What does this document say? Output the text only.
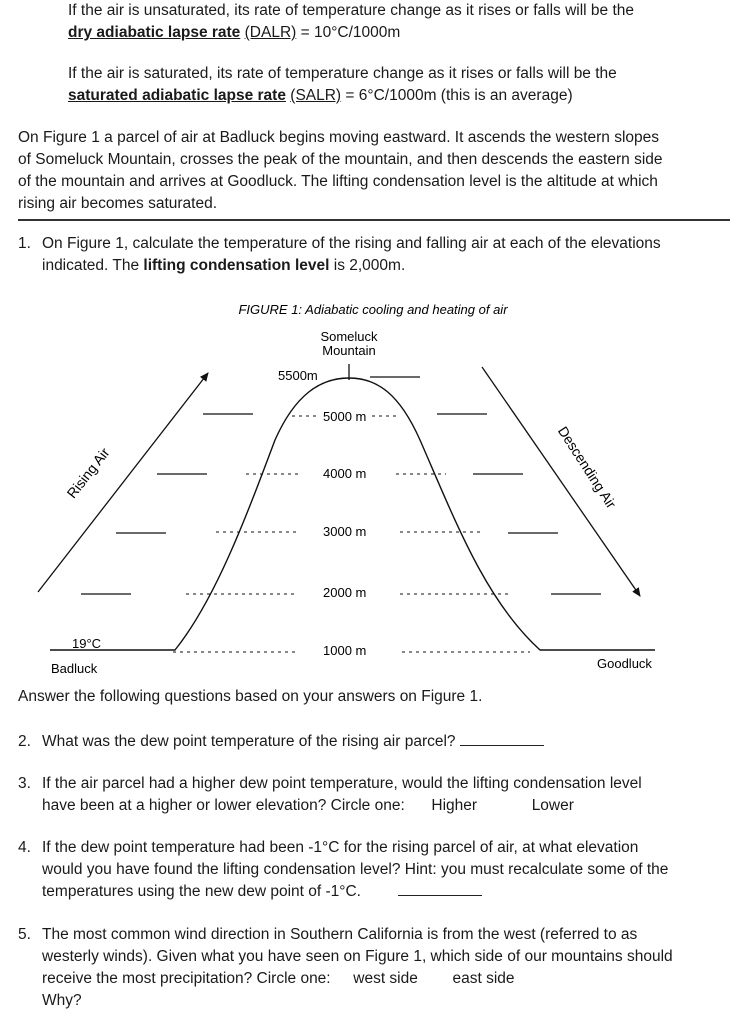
If the air is unsaturated, its rate of temperature change as it rises or falls will be the
dry adiabatic lapse rate (DALR) = 10°C/1000m
If the air is saturated, its rate of temperature change as it rises or falls will be the
saturated adiabatic lapse rate (SALR) = 6°C/1000m (this is an average)
On Figure 1 a parcel of air at Badluck begins moving eastward. It ascends the western slopes
of Someluck Mountain, crosses the peak of the mountain, and then descends the eastern side
of the mountain and arrives at Goodluck. The lifting condensation level is the altitude at which
rising air becomes saturated.
1. On Figure 1, calculate the temperature of the rising and falling air at each of the elevations
indicated. The lifting condensation level is 2,000m.
FIGURE 1: Adiabatic cooling and heating of air
Someluck
Mountain
5500m
Rising Air	Descending Air
5000 m
4000 m
3000 m
2000 m
1000 m
19°C
Badluck	Goodluck
Answer the following questions based on your answers on Figure 1.
2. What was the dew point temperature of the rising air parcel?
3. If the air parcel had a higher dew point temperature, would the lifting condensation level
have been at a higher or lower elevation? Circle one: Higher	Lower
4. If the dew point temperature had been -1°C for the rising parcel of air, at what elevation
would you have found the lifting condensation level? Hint: you must recalculate some of the
temperatures using the new dew point of -1°C.
5. The most common wind direction in Southern California is from the west (referred to as
westerly winds). Given what you have seen on Figure 1, which side of our mountains should
receive the most precipitation? Circle one: west side east side
Why?
